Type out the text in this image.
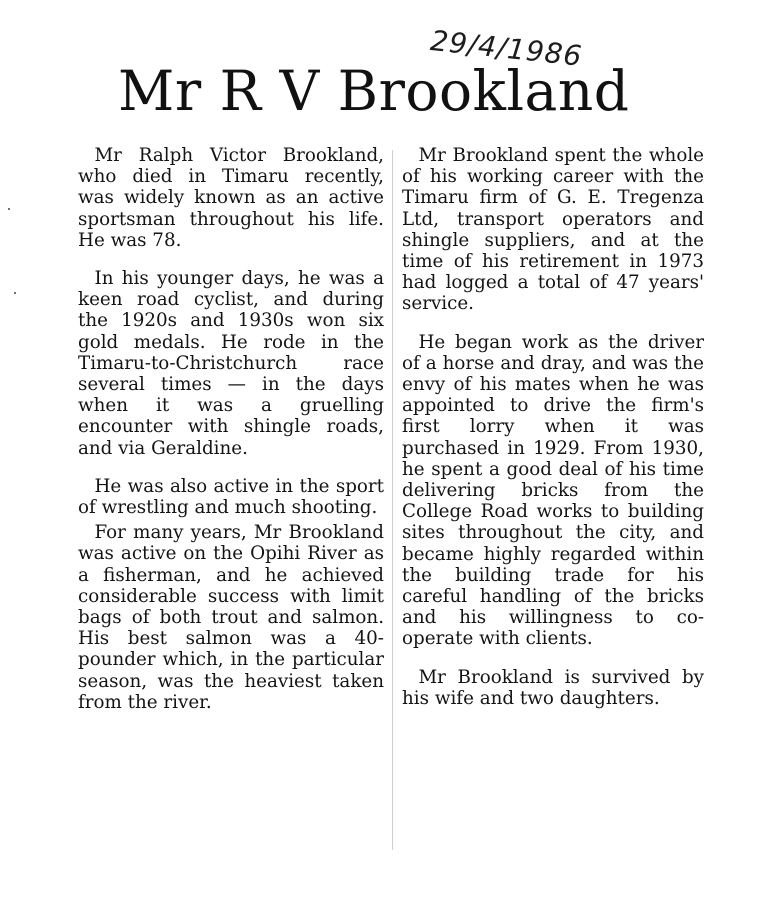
29/4/1986
Mr R V Brookland

Mr Ralph Victor Brookland, who died in Timaru recently, was widely known as an active sportsman throughout his life. He was 78.

In his younger days, he was a keen road cyclist, and during the 1920s and 1930s won six gold medals. He rode in the Timaru-to-Christchurch race several times — in the days when it was a gruelling encounter with shingle roads, and via Geraldine.

He was also active in the sport of wrestling and much shooting.

For many years, Mr Brookland was active on the Opihi River as a fisherman, and he achieved considerable success with limit bags of both trout and salmon. His best salmon was a 40-pounder which, in the particular season, was the heaviest taken from the river.

Mr Brookland spent the whole of his working career with the Timaru firm of G. E. Tregenza Ltd, transport operators and shingle suppliers, and at the time of his retirement in 1973 had logged a total of 47 years' service.

He began work as the driver of a horse and dray, and was the envy of his mates when he was appointed to drive the firm's first lorry when it was purchased in 1929. From 1930, he spent a good deal of his time delivering bricks from the College Road works to building sites throughout the city, and became highly regarded within the building trade for his careful handling of the bricks and his willingness to co-operate with clients.

Mr Brookland is survived by his wife and two daughters.
